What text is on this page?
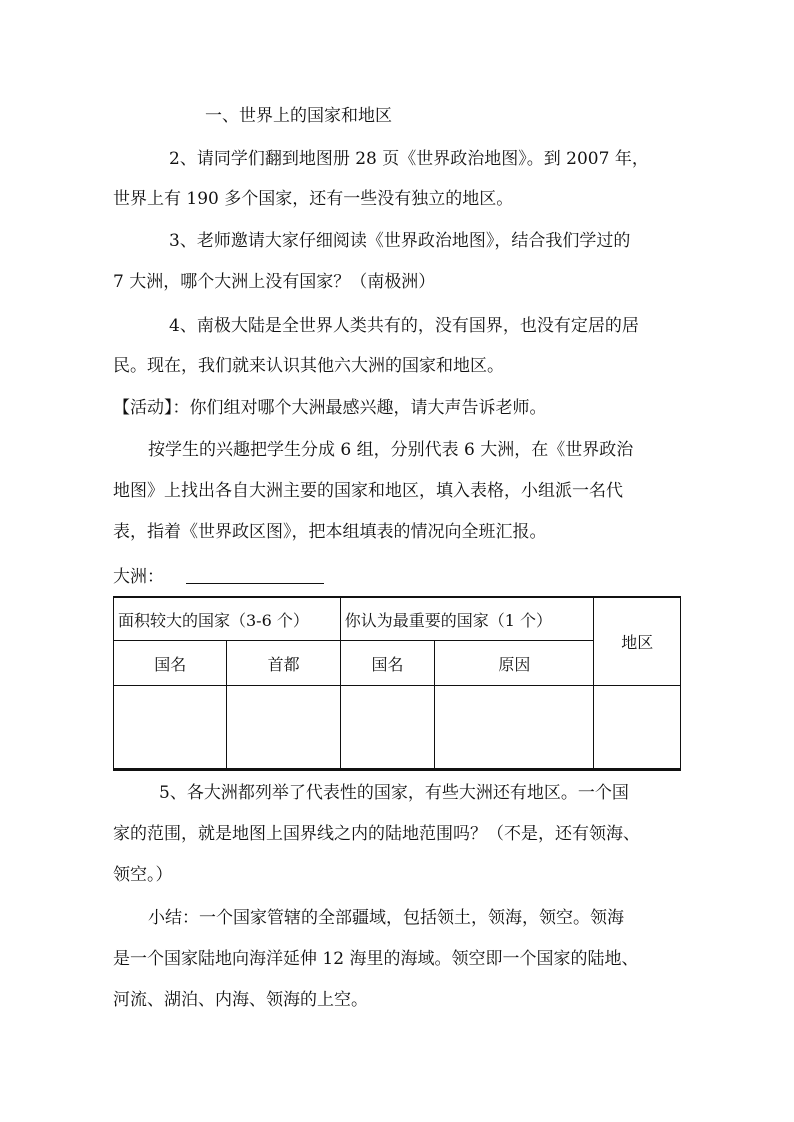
一、世界上的国家和地区
2、请同学们翻到地图册 28 页《世界政治地图》。到 2007 年，
世界上有 190 多个国家，还有一些没有独立的地区。
3、老师邀请大家仔细阅读《世界政治地图》，结合我们学过的
7 大洲，哪个大洲上没有国家？（南极洲）
4、南极大陆是全世界人类共有的，没有国界，也没有定居的居
民。现在，我们就来认识其他六大洲的国家和地区。
【活动】：你们组对哪个大洲最感兴趣，请大声告诉老师。
按学生的兴趣把学生分成 6 组，分别代表 6 大洲，在《世界政治
地图》上找出各自大洲主要的国家和地区，填入表格，小组派一名代
表，指着《世界政区图》，把本组填表的情况向全班汇报。
大洲：
面积较大的国家（3-6 个）		你认为最重要的国家（1 个）		地区
国名	首都	国名	原因	

5、各大洲都列举了代表性的国家，有些大洲还有地区。一个国
家的范围，就是地图上国界线之内的陆地范围吗？（不是，还有领海、
领空。）
小结：一个国家管辖的全部疆域，包括领土，领海，领空。领海
是一个国家陆地向海洋延伸 12 海里的海域。领空即一个国家的陆地、
河流、湖泊、内海、领海的上空。
